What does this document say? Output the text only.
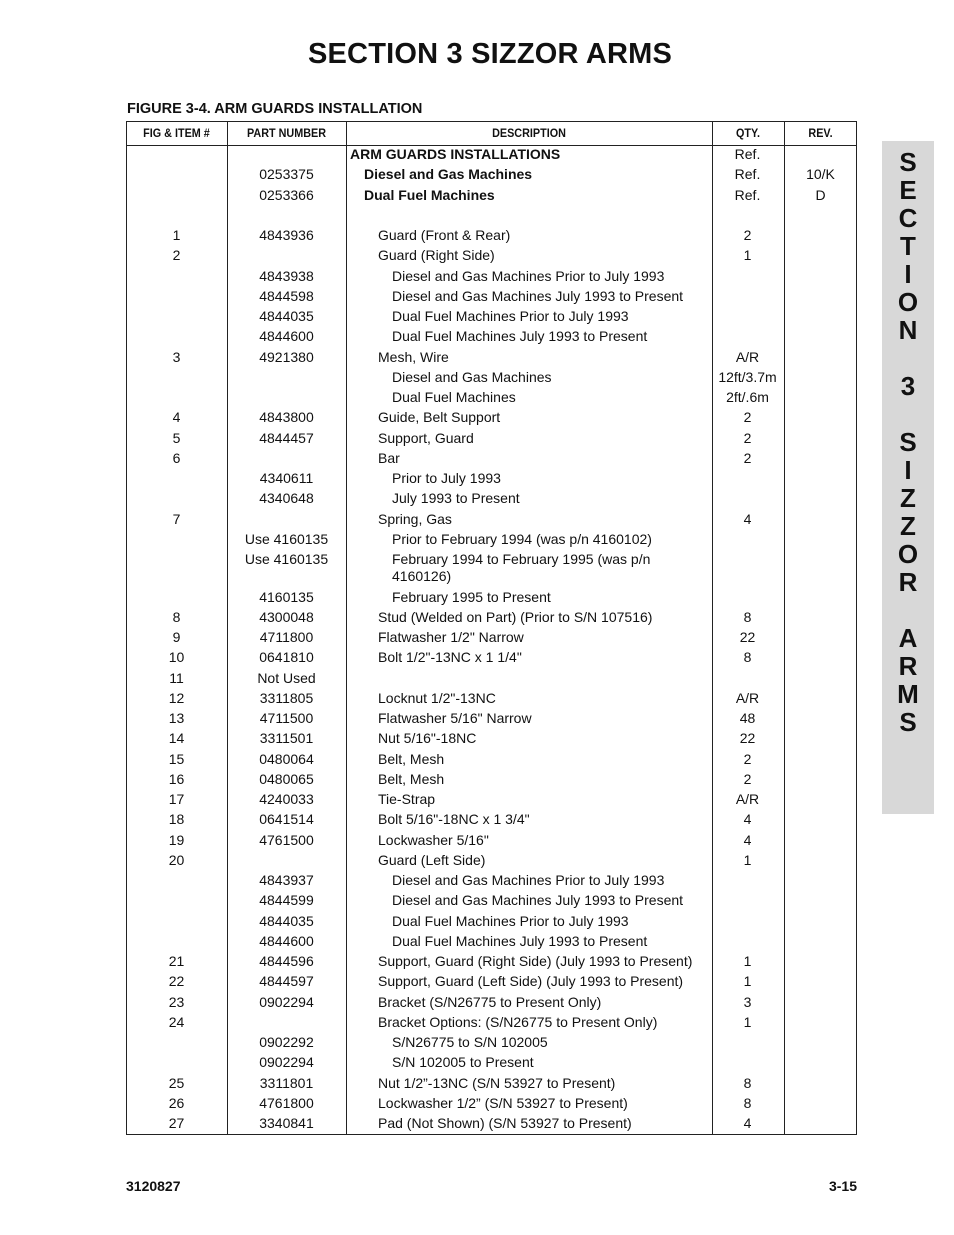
SECTION 3 SIZZOR ARMS
FIGURE 3-4. ARM GUARDS INSTALLATION
FIG & ITEM #	PART NUMBER	DESCRIPTION	QTY.	REV.
ARM GUARDS INSTALLATIONS	Ref.
0253375	Diesel and Gas Machines	Ref.	10/K
0253366	Dual Fuel Machines	Ref.	D
1	4843936	Guard (Front & Rear)	2
2	Guard (Right Side)	1
4843938	Diesel and Gas Machines Prior to July 1993
4844598	Diesel and Gas Machines July 1993 to Present
4844035	Dual Fuel Machines Prior to July 1993
4844600	Dual Fuel Machines July 1993 to Present
3	4921380	Mesh, Wire	A/R
Diesel and Gas Machines	12ft/3.7m
Dual Fuel Machines	2ft/.6m
4	4843800	Guide, Belt Support	2
5	4844457	Support, Guard	2
6	Bar	2
4340611	Prior to July 1993
4340648	July 1993 to Present
7	Spring, Gas	4
Use 4160135	Prior to February 1994 (was p/n 4160102)
Use 4160135	February 1994 to February 1995 (was p/n 4160126)
4160135	February 1995 to Present
8	4300048	Stud (Welded on Part) (Prior to S/N 107516)	8
9	4711800	Flatwasher 1/2" Narrow	22
10	0641810	Bolt 1/2"-13NC x 1 1/4"	8
11	Not Used
12	3311805	Locknut 1/2"-13NC	A/R
13	4711500	Flatwasher 5/16" Narrow	48
14	3311501	Nut 5/16"-18NC	22
15	0480064	Belt, Mesh	2
16	0480065	Belt, Mesh	2
17	4240033	Tie-Strap	A/R
18	0641514	Bolt 5/16"-18NC x 1 3/4"	4
19	4761500	Lockwasher 5/16"	4
20	Guard (Left Side)	1
4843937	Diesel and Gas Machines Prior to July 1993
4844599	Diesel and Gas Machines July 1993 to Present
4844035	Dual Fuel Machines Prior to July 1993
4844600	Dual Fuel Machines July 1993 to Present
21	4844596	Support, Guard (Right Side) (July 1993 to Present)	1
22	4844597	Support, Guard (Left Side) (July 1993 to Present)	1
23	0902294	Bracket (S/N26775 to Present Only)	3
24	Bracket Options: (S/N26775 to Present Only)	1
0902292	S/N26775 to S/N 102005
0902294	S/N 102005 to Present
25	3311801	Nut 1/2”-13NC (S/N 53927 to Present)	8
26	4761800	Lockwasher 1/2” (S/N 53927 to Present)	8
27	3340841	Pad (Not Shown) (S/N 53927 to Present)	4
S
E
C
T
I
O
N
3
S
I
Z
Z
O
R
A
R
M
S
3120827	3-15
